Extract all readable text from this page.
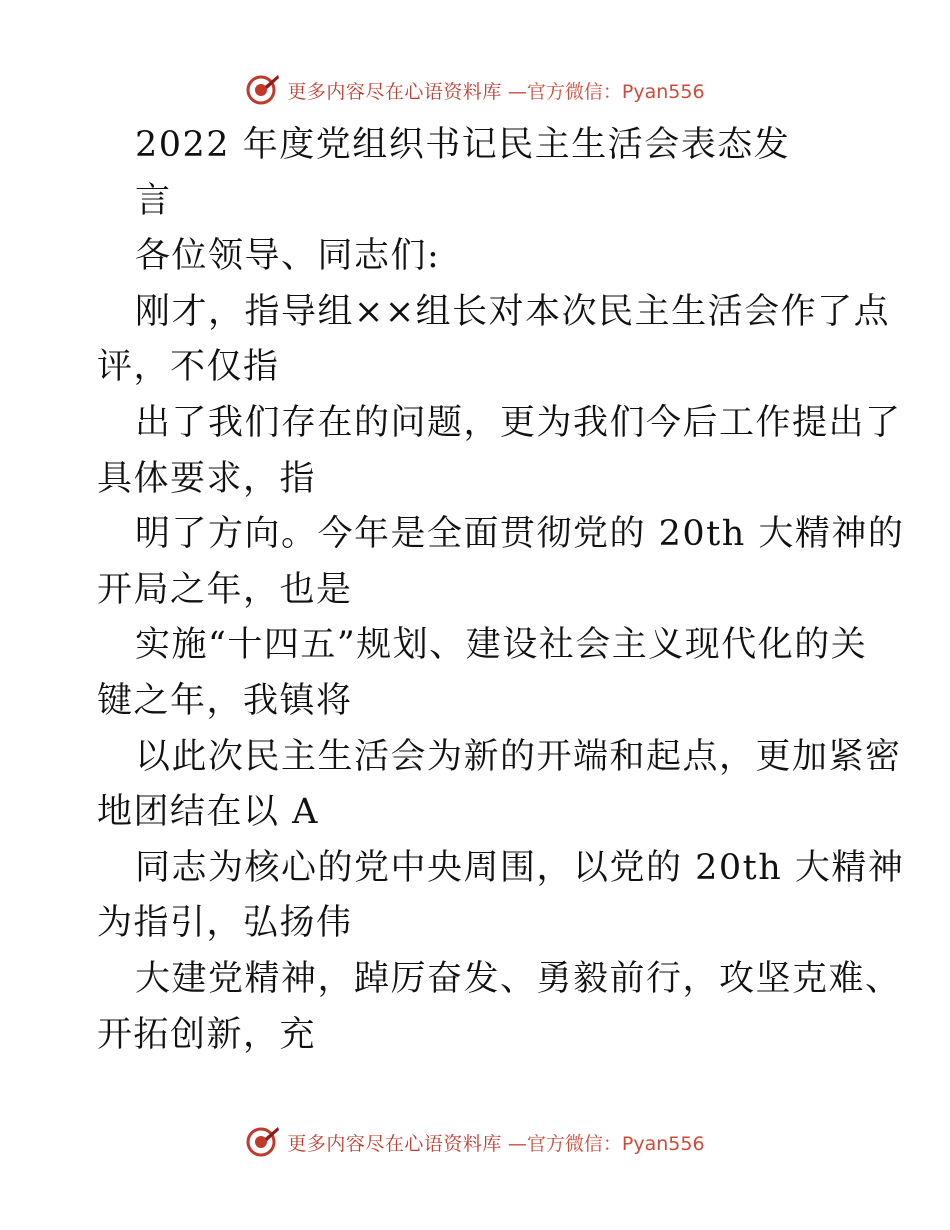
更多内容尽在心语资料库 —官方微信：Pyan556
2022 年度党组织书记民主生活会表态发
言
各位领导、同志们:
刚才，指导组××组长对本次民主生活会作了点
评，不仅指
出了我们存在的问题，更为我们今后工作提出了
具体要求，指
明了方向。今年是全面贯彻党的 20th 大精神的
开局之年，也是
实施“十四五”规划、建设社会主义现代化的关
键之年，我镇将
以此次民主生活会为新的开端和起点，更加紧密
地团结在以 A
同志为核心的党中央周围，以党的 20th 大精神
为指引，弘扬伟
大建党精神，踔厉奋发、勇毅前行，攻坚克难、
开拓创新，充
更多内容尽在心语资料库 —官方微信：Pyan556
